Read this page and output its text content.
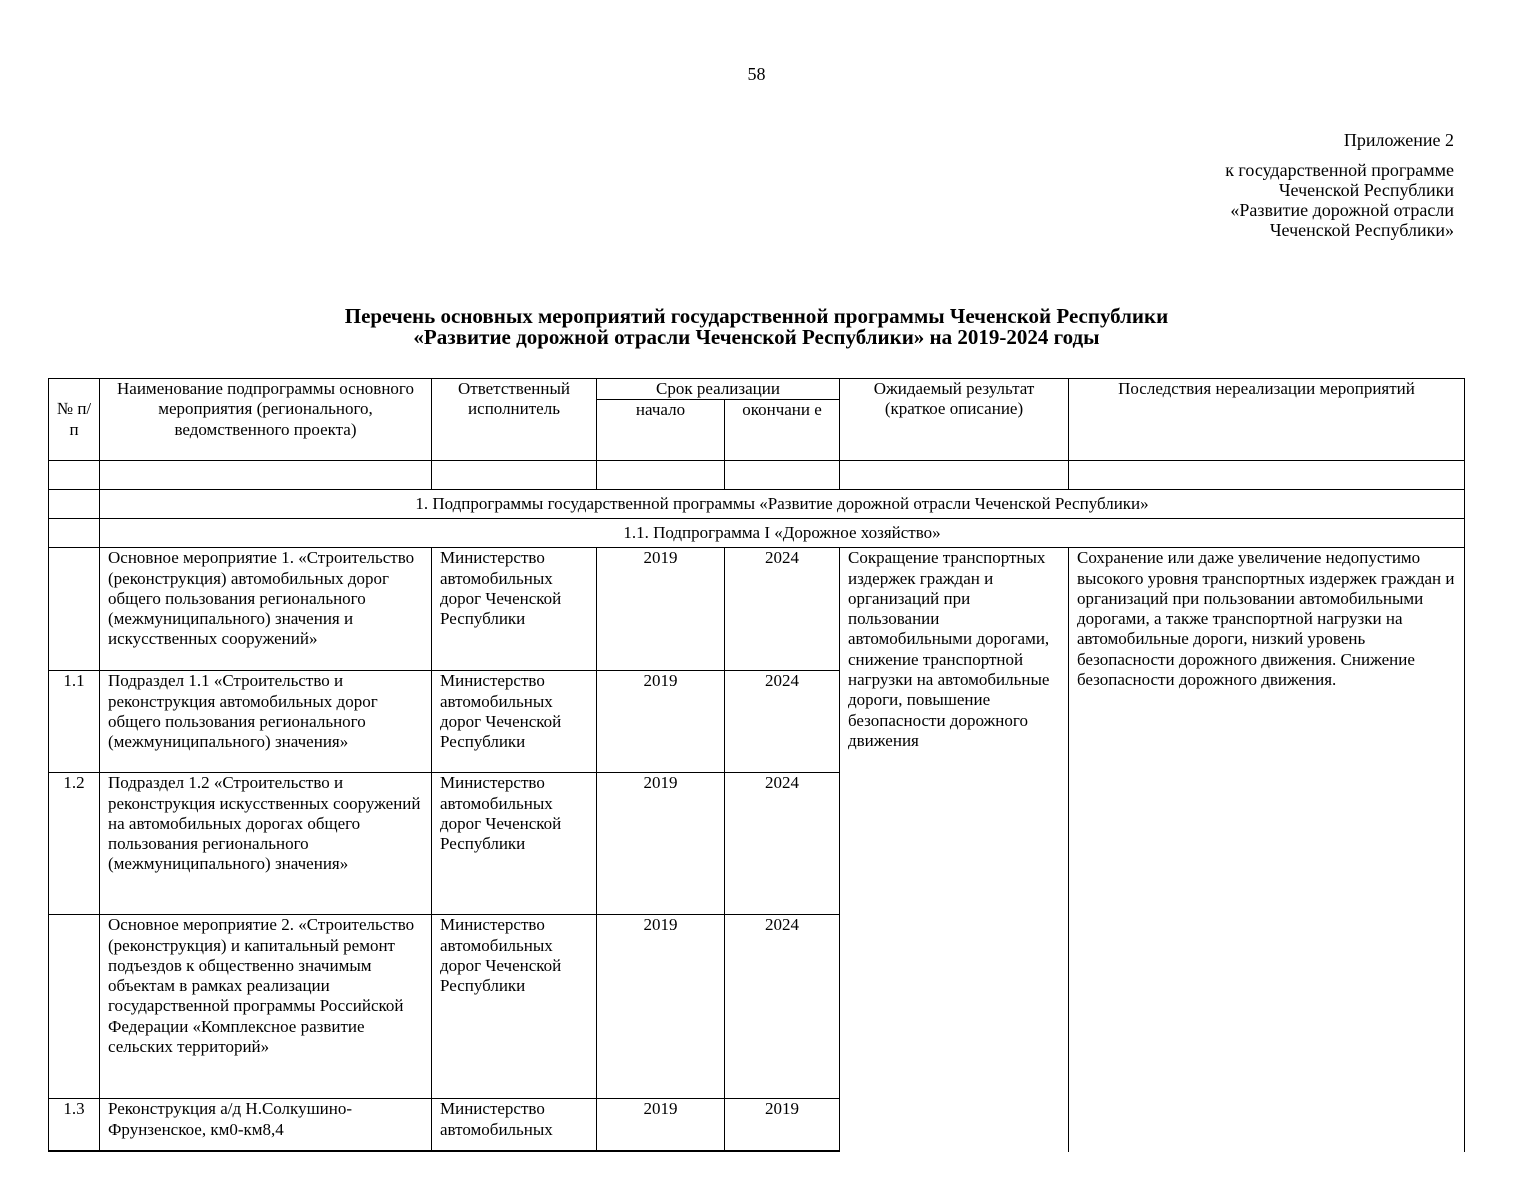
58
Приложение 2
к государственной программе
Чеченской Республики
«Развитие дорожной отрасли
Чеченской Республики»
Перечень основных мероприятий государственной программы Чеченской Республики
«Развитие дорожной отрасли Чеченской Республики» на 2019-2024 годы
№ п/п	Наименование подпрограммы основного мероприятия (регионального, ведомственного проекта)	Ответственный исполнитель	Срок реализации		Ожидаемый результат (краткое описание)	Последствия нереализации мероприятий
			начало	окончани е		

	1. Подпрограммы государственной программы «Развитие дорожной отрасли Чеченской Республики»					
	1.1. Подпрограмма I «Дорожное хозяйство»					
	Основное мероприятие 1. «Строительство (реконструкция) автомобильных дорог общего пользования регионального (межмуниципального) значения и искусственных сооружений»	Министерство автомобильных дорог Чеченской Республики	2019	2024	Сокращение транспортных издержек граждан и организаций при пользовании автомобильными дорогами, снижение транспортной нагрузки на автомобильные дороги, повышение безопасности дорожного движения	Сохранение или даже увеличение недопустимо высокого уровня транспортных издержек граждан и организаций при пользовании автомобильными дорогами, а также транспортной нагрузки на автомобильные дороги, низкий уровень безопасности дорожного движения. Снижение безопасности дорожного движения.
1.1	Подраздел 1.1 «Строительство и реконструкция автомобильных дорог общего пользования регионального (межмуниципального) значения»	Министерство автомобильных дорог Чеченской Республики	2019	2024		
1.2	Подраздел 1.2 «Строительство и реконструкция искусственных сооружений на автомобильных дорогах общего пользования регионального (межмуниципального) значения»	Министерство автомобильных дорог Чеченской Республики	2019	2024		
	Основное мероприятие 2. «Строительство (реконструкция) и капитальный ремонт подъездов к общественно значимым объектам в рамках реализации государственной программы Российской Федерации «Комплексное развитие сельских территорий»	Министерство автомобильных дорог Чеченской Республики	2019	2024		
1.3	Реконструкция а/д Н.Солкушино-Фрунзенское, км0-км8,4	Министерство автомобильных	2019	2019		
